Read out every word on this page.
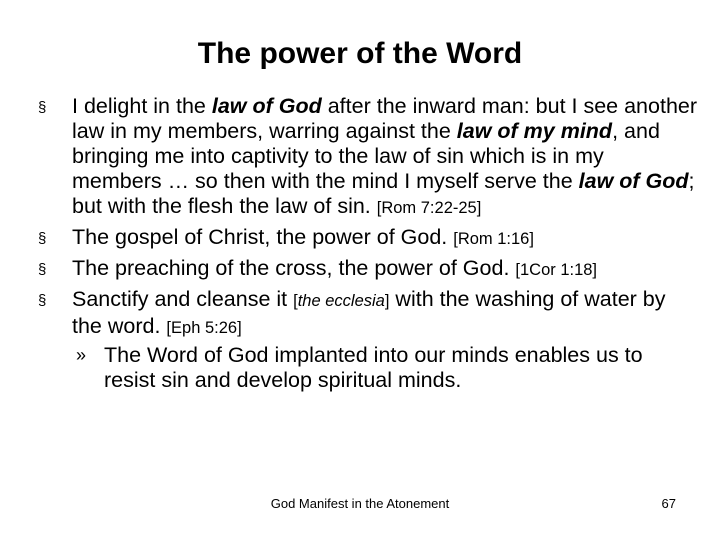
The power of the Word
§ I delight in the law of God after the inward man: but I see another law in my members, warring against the law of my mind, and bringing me into captivity to the law of sin which is in my members … so then with the mind I myself serve the law of God; but with the flesh the law of sin. [Rom 7:22-25]
§ The gospel of Christ, the power of God. [Rom 1:16]
§ The preaching of the cross, the power of God. [1Cor 1:18]
§ Sanctify and cleanse it [the ecclesia] with the washing of water by the word. [Eph 5:26]
» The Word of God implanted into our minds enables us to resist sin and develop spiritual minds.
God Manifest in the Atonement	67
